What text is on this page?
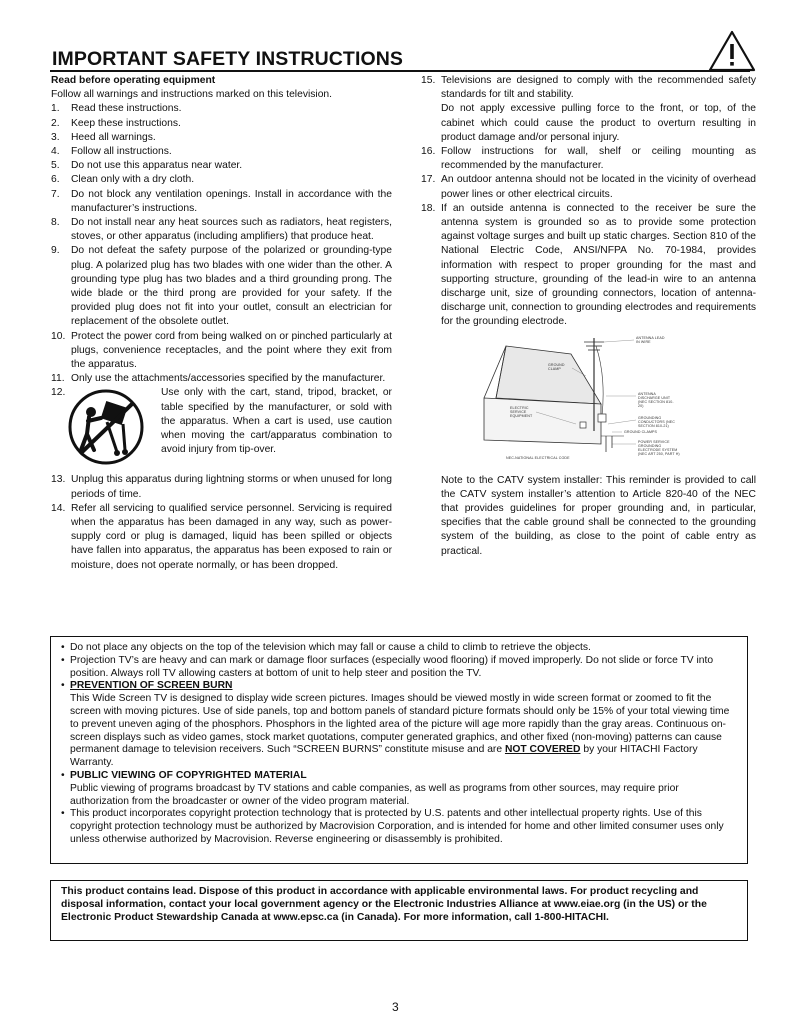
IMPORTANT SAFETY INSTRUCTIONS

Read before operating equipment

Follow all warnings and instructions marked on this television.

1.	Read these instructions.
2.	Keep these instructions.
3.	Heed all warnings.
4.	Follow all instructions.
5.	Do not use this apparatus near water.
6.	Clean only with a dry cloth.
7.	Do not block any ventilation openings. Install in accordance with the manufacturer’s instructions.
8.	Do not install near any heat sources such as radiators, heat registers, stoves, or other apparatus (including amplifiers) that produce heat.
9.	Do not defeat the safety purpose of the polarized or grounding-type plug. A polarized plug has two blades with one wider than the other. A grounding type plug has two blades and a third grounding prong. The wide blade or the third prong are provided for your safety. If the provided plug does not fit into your outlet, consult an electrician for replacement of the obsolete outlet.
10. Protect the power cord from being walked on or pinched particularly at plugs, convenience receptacles, and the point where they exit from the apparatus.
11. Only use the attachments/accessories specified by the manufacturer.
12.	Use only with the cart, stand, tripod, bracket, or table specified by the manufacturer, or sold with the apparatus. When a cart is used, use caution when moving the cart/apparatus combination to avoid injury from tip-over.
13. Unplug this apparatus during lightning storms or when unused for long periods of time.
14. Refer all servicing to qualified service personnel. Servicing is required when the apparatus has been damaged in any way, such as power-supply cord or plug is damaged, liquid has been spilled or objects have fallen into apparatus, the apparatus has been exposed to rain or moisture, does not operate normally, or has been dropped.
15. Televisions are designed to comply with the recommended safety standards for tilt and stability.
Do not apply excessive pulling force to the front, or top, of the cabinet which could cause the product to overturn resulting in product damage and/or personal injury.
16. Follow instructions for wall, shelf or ceiling mounting as recommended by the manufacturer.
17. An outdoor antenna should not be located in the vicinity of overhead power lines or other electrical circuits.
18. If an outside antenna is connected to the receiver be sure the antenna system is grounded so as to provide some protection against voltage surges and built up static charges. Section 810 of the National Electric Code, ANSI/NFPA No. 70-1984, provides information with respect to proper grounding for the mast and supporting structure, grounding of the lead-in wire to an antenna discharge unit, size of grounding connectors, location of antenna-discharge unit, connection to grounding electrodes and requirements for the grounding electrode.
ANTENNA LEAD IN WIRE
GROUND CLAMP
ANTENNA DISCHARGE UNIT (NEC SECTION 810-20)
ELECTRIC SERVICE EQUIPMENT	GROUNDING CONDUCTORS (NEC SECTION 810-21)
GROUND CLAMPS
POWER SERVICE GROUNDING ELECTRODE SYSTEM (NEC ART 250, PART H)
NEC-NATIONAL ELECTRICAL CODE

Note to the CATV system installer: This reminder is provided to call the CATV system installer’s attention to Article 820-40 of the NEC that provides guidelines for proper grounding and, in particular, specifies that the cable ground shall be connected to the grounding system of the building, as close to the point of cable entry as practical.

• Do not place any objects on the top of the television which may fall or cause a child to climb to retrieve the objects.
• Projection TV’s are heavy and can mark or damage floor surfaces (especially wood flooring) if moved improperly. Do not slide or force TV into position. Always roll TV allowing casters at bottom of unit to help steer and position the TV.
• PREVENTION OF SCREEN BURN
This Wide Screen TV is designed to display wide screen pictures. Images should be viewed mostly in wide screen format or zoomed to fit the screen with moving pictures. Use of side panels, top and bottom panels of standard picture formats should only be 15% of your total viewing time to prevent uneven aging of the phosphors. Phosphors in the lighted area of the picture will age more rapidly than the gray areas. Continuous on-screen displays such as video games, stock market quotations, computer generated graphics, and other fixed (non-moving) patterns can cause permanent damage to television receivers. Such “SCREEN BURNS” constitute misuse and are NOT COVERED by your HITACHI Factory Warranty.
• PUBLIC VIEWING OF COPYRIGHTED MATERIAL
Public viewing of programs broadcast by TV stations and cable companies, as well as programs from other sources, may require prior authorization from the broadcaster or owner of the video program material.
• This product incorporates copyright protection technology that is protected by U.S. patents and other intellectual property rights. Use of this copyright protection technology must be authorized by Macrovision Corporation, and is intended for home and other limited consumer uses only unless otherwise authorized by Macrovision. Reverse engineering or disassembly is prohibited.
This product contains lead. Dispose of this product in accordance with applicable environmental laws. For product recycling and disposal information, contact your local government agency or the Electronic Industries Alliance at www.eiae.org (in the US) or the Electronic Product Stewardship Canada at www.epsc.ca (in Canada). For more information, call 1-800-HITACHI.
3
